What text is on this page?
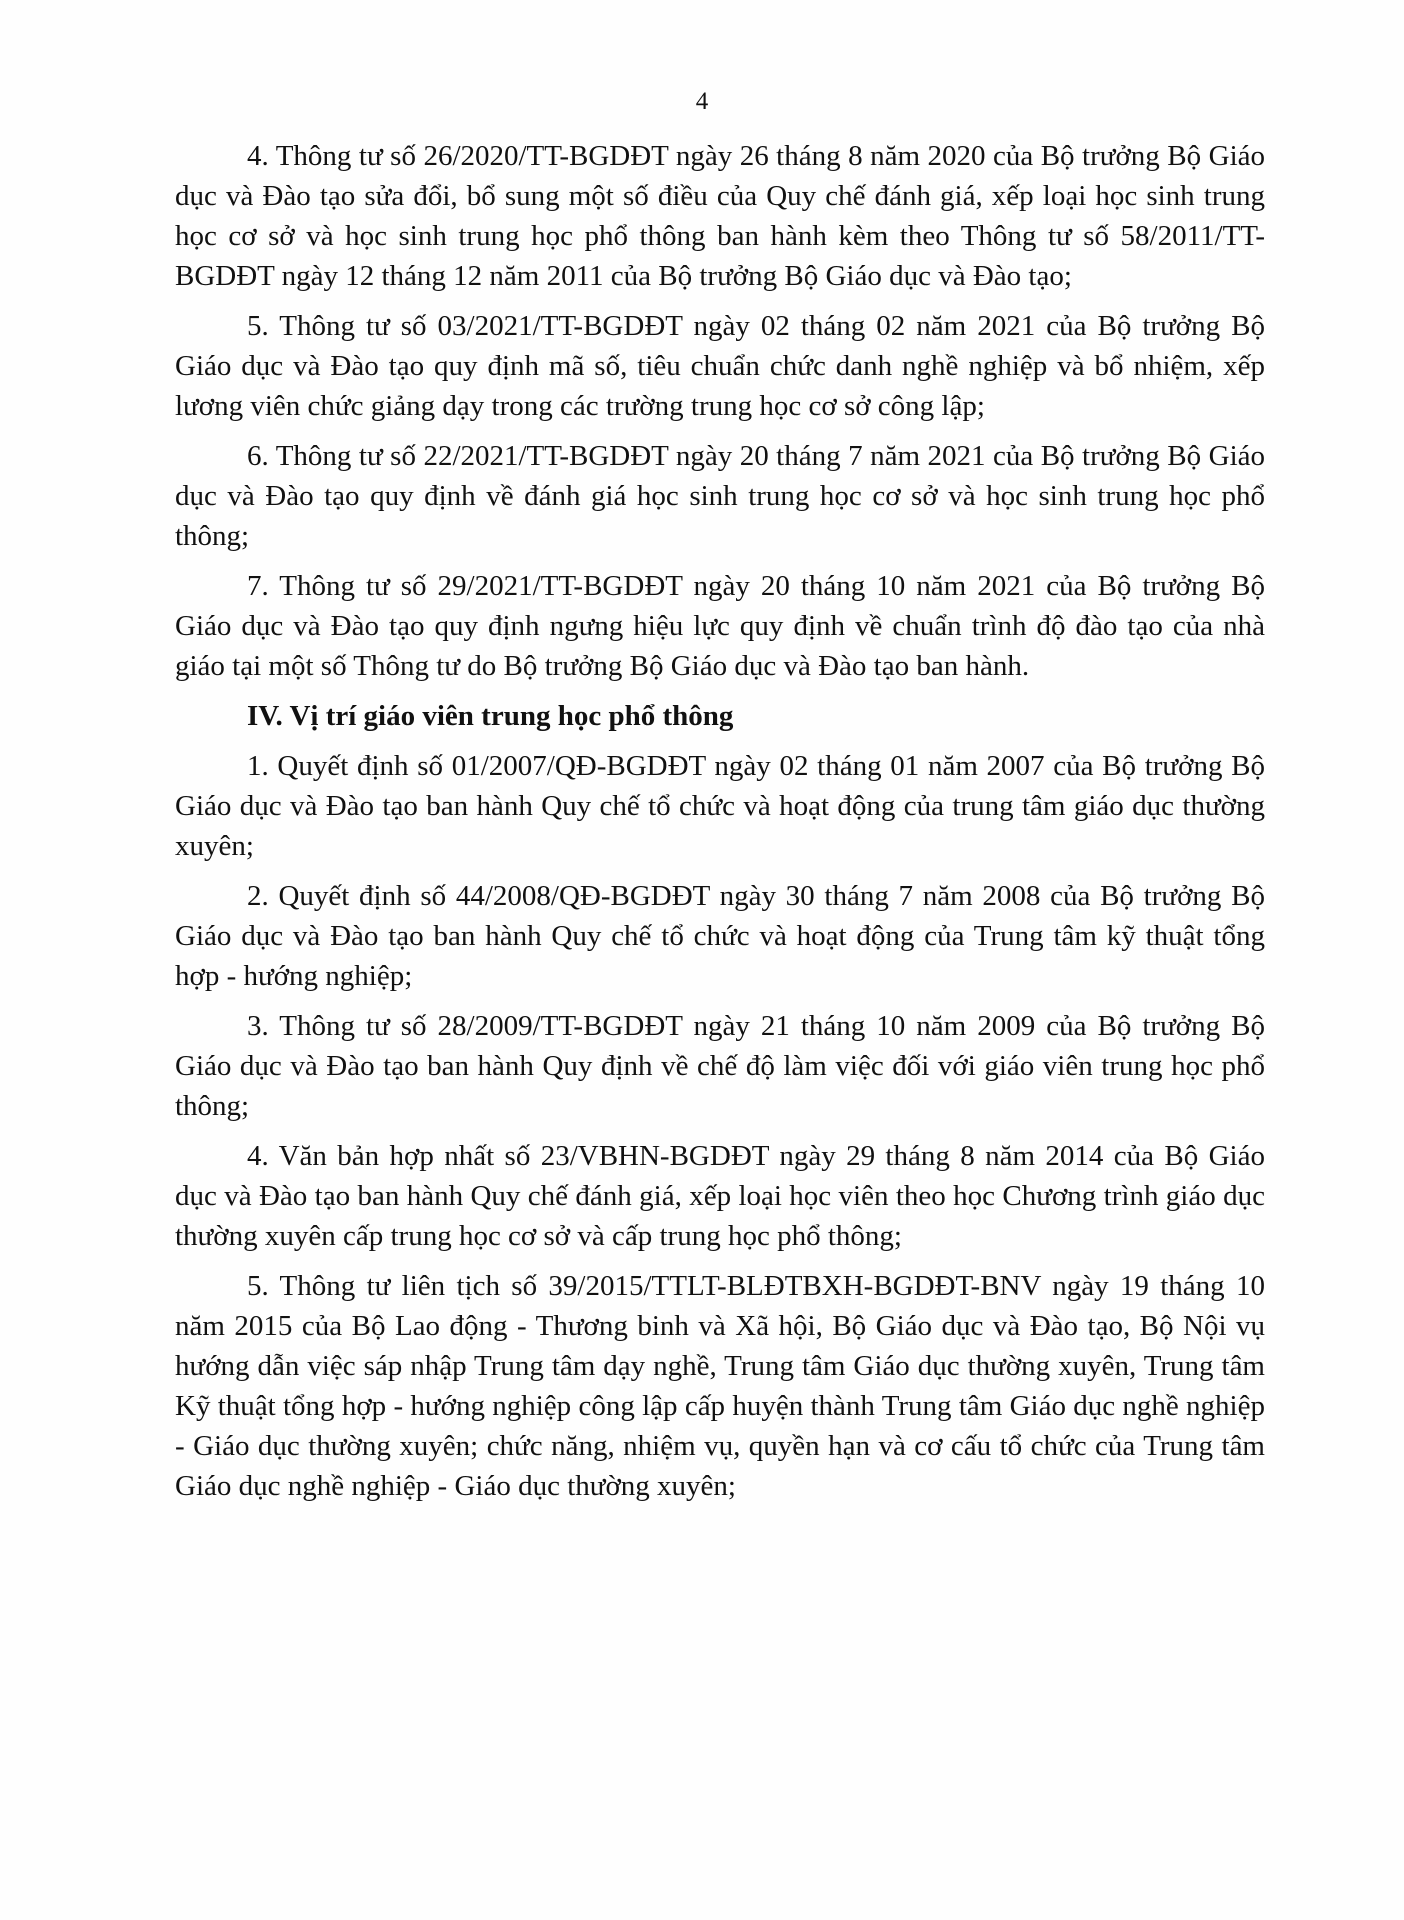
4

4. Thông tư số 26/2020/TT-BGDĐT ngày 26 tháng 8 năm 2020 của Bộ trưởng Bộ Giáo dục và Đào tạo sửa đổi, bổ sung một số điều của Quy chế đánh giá, xếp loại học sinh trung học cơ sở và học sinh trung học phổ thông ban hành kèm theo Thông tư số 58/2011/TT-BGDĐT ngày 12 tháng 12 năm 2011 của Bộ trưởng Bộ Giáo dục và Đào tạo;

5. Thông tư số 03/2021/TT-BGDĐT ngày 02 tháng 02 năm 2021 của Bộ trưởng Bộ Giáo dục và Đào tạo quy định mã số, tiêu chuẩn chức danh nghề nghiệp và bổ nhiệm, xếp lương viên chức giảng dạy trong các trường trung học cơ sở công lập;

6. Thông tư số 22/2021/TT-BGDĐT ngày 20 tháng 7 năm 2021 của Bộ trưởng Bộ Giáo dục và Đào tạo quy định về đánh giá học sinh trung học cơ sở và học sinh trung học phổ thông;

7. Thông tư số 29/2021/TT-BGDĐT ngày 20 tháng 10 năm 2021 của Bộ trưởng Bộ Giáo dục và Đào tạo quy định ngưng hiệu lực quy định về chuẩn trình độ đào tạo của nhà giáo tại một số Thông tư do Bộ trưởng Bộ Giáo dục và Đào tạo ban hành.

IV. Vị trí giáo viên trung học phổ thông

1. Quyết định số 01/2007/QĐ-BGDĐT ngày 02 tháng 01 năm 2007 của Bộ trưởng Bộ Giáo dục và Đào tạo ban hành Quy chế tổ chức và hoạt động của trung tâm giáo dục thường xuyên;

2. Quyết định số 44/2008/QĐ-BGDĐT ngày 30 tháng 7 năm 2008 của Bộ trưởng Bộ Giáo dục và Đào tạo ban hành Quy chế tổ chức và hoạt động của Trung tâm kỹ thuật tổng hợp - hướng nghiệp;

3. Thông tư số 28/2009/TT-BGDĐT ngày 21 tháng 10 năm 2009 của Bộ trưởng Bộ Giáo dục và Đào tạo ban hành Quy định về chế độ làm việc đối với giáo viên trung học phổ thông;

4. Văn bản hợp nhất số 23/VBHN-BGDĐT ngày 29 tháng 8 năm 2014 của Bộ Giáo dục và Đào tạo ban hành Quy chế đánh giá, xếp loại học viên theo học Chương trình giáo dục thường xuyên cấp trung học cơ sở và cấp trung học phổ thông;

5. Thông tư liên tịch số 39/2015/TTLT-BLĐTBXH-BGDĐT-BNV ngày 19 tháng 10 năm 2015 của Bộ Lao động - Thương binh và Xã hội, Bộ Giáo dục và Đào tạo, Bộ Nội vụ hướng dẫn việc sáp nhập Trung tâm dạy nghề, Trung tâm Giáo dục thường xuyên, Trung tâm Kỹ thuật tổng hợp - hướng nghiệp công lập cấp huyện thành Trung tâm Giáo dục nghề nghiệp - Giáo dục thường xuyên; chức năng, nhiệm vụ, quyền hạn và cơ cấu tổ chức của Trung tâm Giáo dục nghề nghiệp - Giáo dục thường xuyên;
